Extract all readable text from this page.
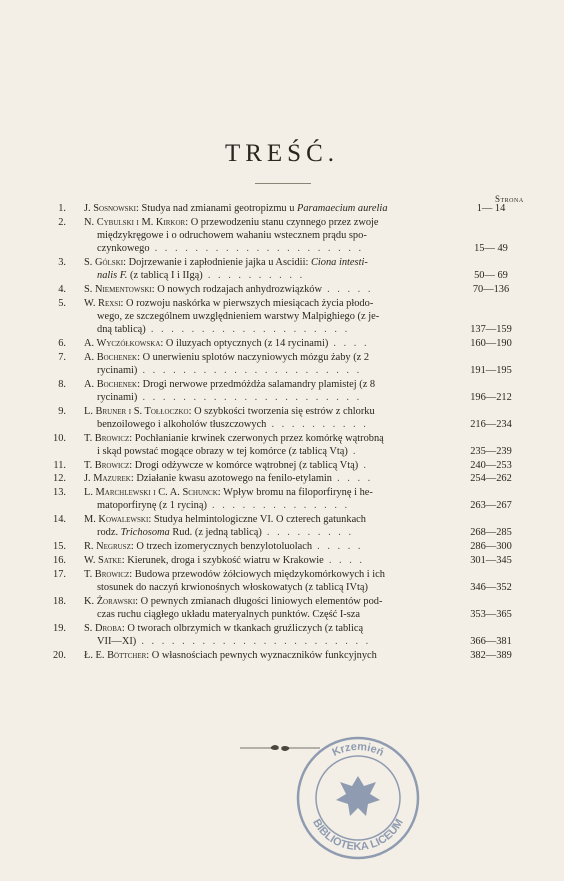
TREŚĆ.
Strona
1. J. Sosnowski: Studya nad zmianami geotropizmu u Paramaecium aurelia	1— 14
2. N. Cybulski i M. Kirkor: O przewodzeniu stanu czynnego przez zwoje
międzykręgowe i o odruchowem wahaniu wstecznem prądu spo-
czynkowego . . . . . . . . . . . . . . . . . . . . .	15— 49
3. S. Gólski: Dojrzewanie i zapłodnienie jajka u Ascidii: Ciona intesti-
nalis F. (z tablicą I i IIgą) . . . . . . . . . .	50— 69
4. S. Niementowski: O nowych rodzajach anhydrozwiązków . . . . .	70—136
5. W. Rexsi: O rozwoju naskórka w pierwszych miesiącach życia płodo-
wego, ze szczególnem uwzględnieniem warstwy Malpighiego (z je-
dną tablicą) . . . . . . . . . . . . . . . . . . . .	137—159
6. A. Wyczółkowska: O iluzyach optycznych (z 14 rycinami) . . . .	160—190
7. A. Bochenek: O unerwieniu splotów naczyniowych mózgu żaby (z 2
rycinami) . . . . . . . . . . . . . . . . . . . . . .	191—195
8. A. Bochenek: Drogi nerwowe przedmóżdża salamandry plamistej (z 8
rycinami) . . . . . . . . . . . . . . . . . . . . . .	196—212
9. L. Bruner i S. Tołłoczko: O szybkości tworzenia się estrów z chlorku
benzoilowego i alkoholów tłuszczowych . . . . . . . . . .	216—234
10. T. Browicz: Pochłanianie krwinek czerwonych przez komórkę wątrobną
i skąd powstać mogące obrazy w tej komórce (z tablicą Vtą) .	235—239
11. T. Browicz: Drogi odżywcze w komórce wątrobnej (z tablicą Vtą) .	240—253
12. J. Mazurek: Działanie kwasu azotowego na fenilo-etylamin . . . .	254—262
13. L. Marchlewski i C. A. Schunck: Wpływ bromu na filoporfirynę i he-
matoporfirynę (z 1 ryciną) . . . . . . . . . . . . . .	263—267
14. M. Kowalewski: Studya helmintologiczne VI. O czterech gatunkach
rodz. Trichosoma Rud. (z jedną tablicą) . . . . . . . . .	268—285
15. R. Negrusz: O trzech izomerycznych benzylotoluolach . . . . .	286—300
16. W. Satke: Kierunek, droga i szybkość wiatru w Krakowie . . . .	301—345
17. T. Browicz: Budowa przewodów żółciowych międzykomórkowych i ich
stosunek do naczyń krwionośnych włoskowatych (z tablicą IVtą)	346—352
18. K. Żorawski: O pewnych zmianach długości liniowych elementów pod-
czas ruchu ciągłego układu materyalnych punktów. Część I-sza	353—365
19. S. Droba: O tworach olbrzymich w tkankach gruźliczych (z tablicą
VII—XI) . . . . . . . . . . . . . . . . . . . . . . .	366—381
20. Ł. E. Böttcher: O własnościach pewnych wyznaczników funkcyjnych	382—389
Krzemień
BIBLIOTEKA LICEUM
